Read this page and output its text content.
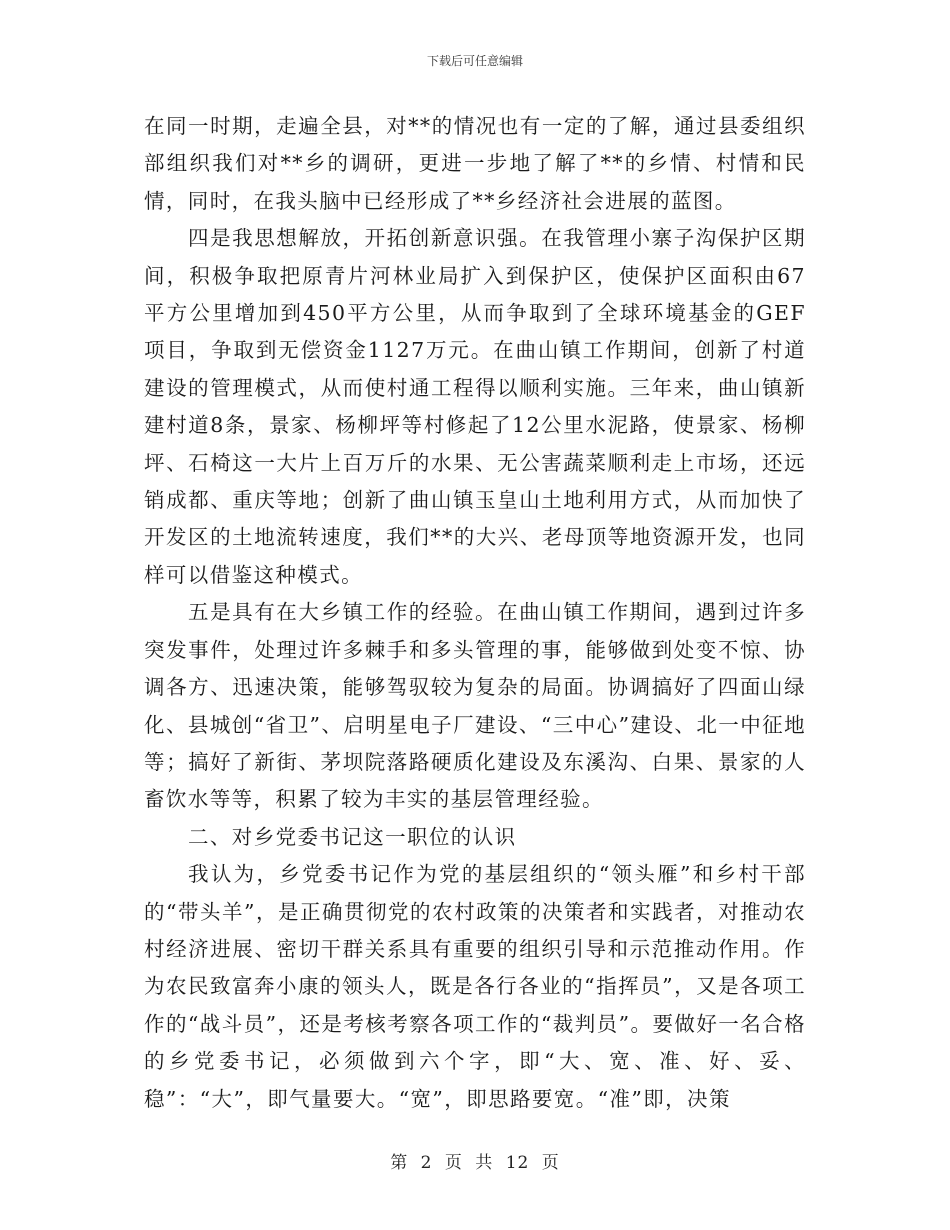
下载后可任意编辑

在同一时期，走遍全县，对**的情况也有一定的了解，通过县委组织部组织我们对**乡的调研，更进一步地了解了**的乡情、村情和民情，同时，在我头脑中已经形成了**乡经济社会进展的蓝图。

四是我思想解放，开拓创新意识强。在我管理小寨子沟保护区期间，积极争取把原青片河林业局扩入到保护区，使保护区面积由67平方公里增加到450平方公里，从而争取到了全球环境基金的GEF项目，争取到无偿资金1127万元。在曲山镇工作期间，创新了村道建设的管理模式，从而使村通工程得以顺利实施。三年来，曲山镇新建村道8条，景家、杨柳坪等村修起了12公里水泥路，使景家、杨柳坪、石椅这一大片上百万斤的水果、无公害蔬菜顺利走上市场，还远销成都、重庆等地；创新了曲山镇玉皇山土地利用方式，从而加快了开发区的土地流转速度，我们**的大兴、老母顶等地资源开发，也同样可以借鉴这种模式。

五是具有在大乡镇工作的经验。在曲山镇工作期间，遇到过许多突发事件，处理过许多棘手和多头管理的事，能够做到处变不惊、协调各方、迅速决策，能够驾驭较为复杂的局面。协调搞好了四面山绿化、县城创“省卫”、启明星电子厂建设、“三中心”建设、北一中征地等；搞好了新街、茅坝院落路硬质化建设及东溪沟、白果、景家的人畜饮水等等，积累了较为丰实的基层管理经验。

二、对乡党委书记这一职位的认识

我认为，乡党委书记作为党的基层组织的“领头雁”和乡村干部的“带头羊”，是正确贯彻党的农村政策的决策者和实践者，对推动农村经济进展、密切干群关系具有重要的组织引导和示范推动作用。作为农民致富奔小康的领头人，既是各行各业的“指挥员”，又是各项工作的“战斗员”，还是考核考察各项工作的“裁判员”。要做好一名合格的乡党委书记，必须做到六个字，即“大、宽、准、好、妥、稳”：“大”，即气量要大。“宽”，即思路要宽。“准”即，决策

第 2 页 共 12 页
